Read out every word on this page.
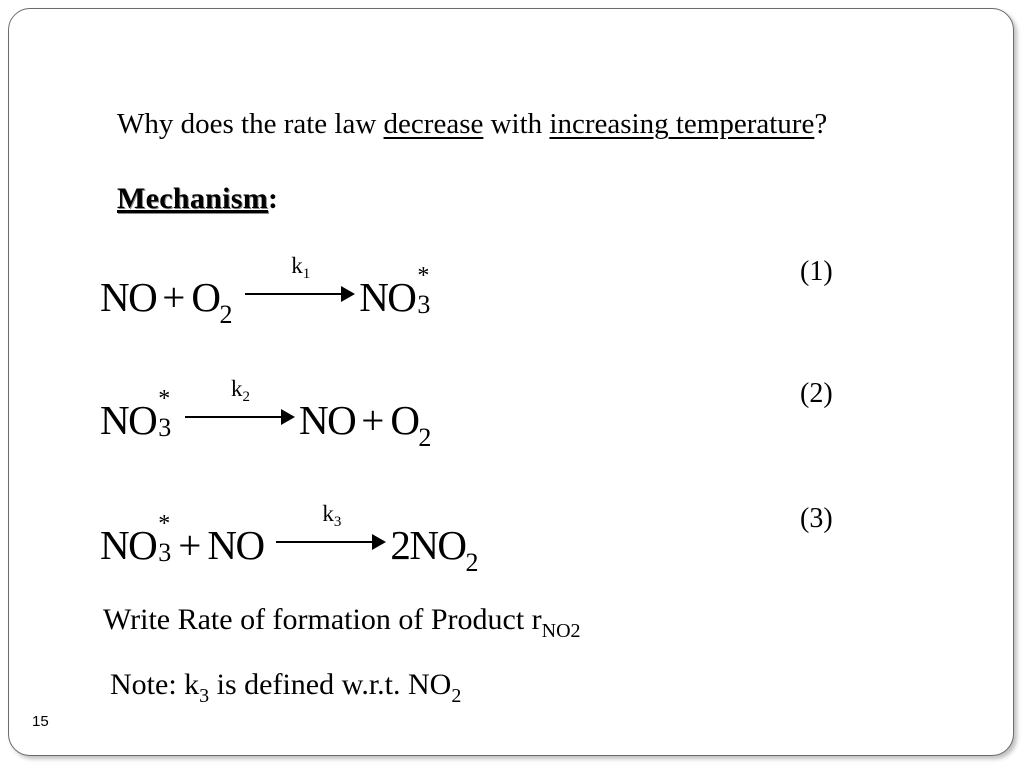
Why does the rate law decrease with increasing temperature?
Mechanism:
NO + $O_2$
$k_1$ NO *
3
(1)
NO *
3

$k_2$ NO + $O_2$
(2)
NO *
3 + NO
$k_3$ $2NO_2$
(3)
Write Rate of formation of Product $r_{NO2}$
Note: $k_3$ is defined w.r.t. $NO_2$
15
